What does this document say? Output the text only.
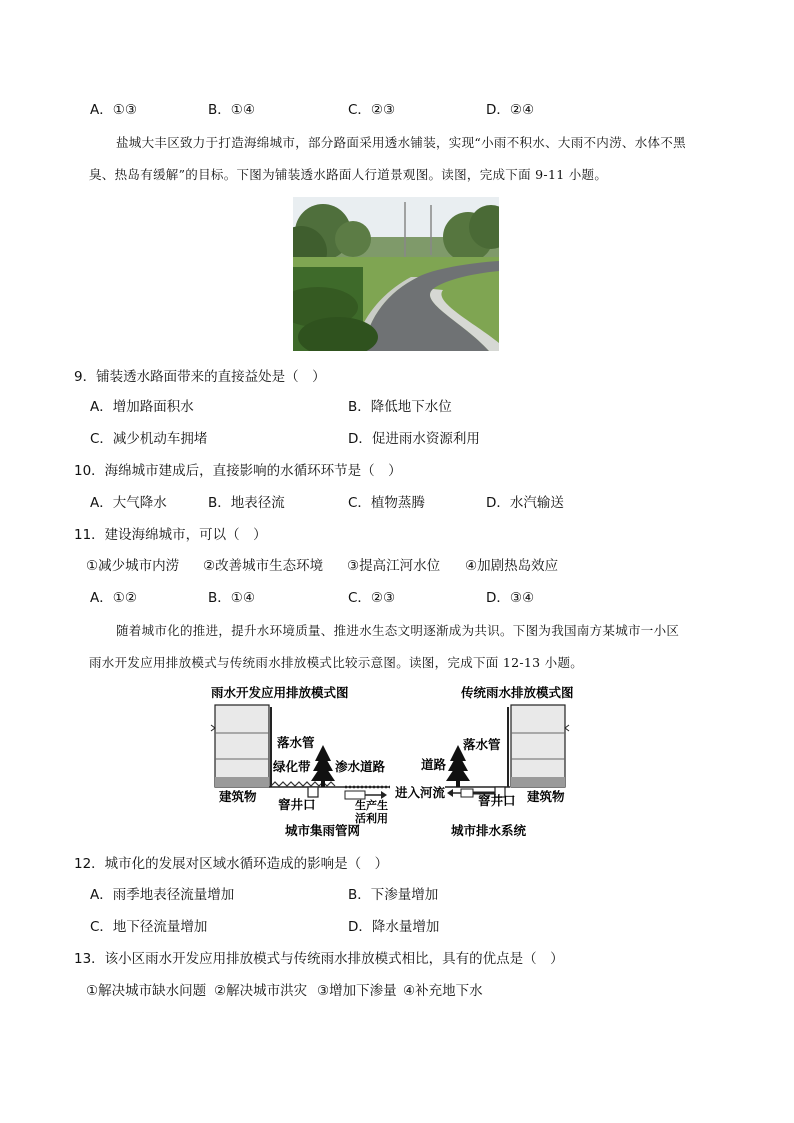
A．①③	B．①④	C．②③	D．②④
盐城大丰区致力于打造海绵城市，部分路面采用透水铺装，实现“小雨不积水、大雨不内涝、水体不黑
臭、热岛有缓解”的目标。下图为铺装透水路面人行道景观图。读图，完成下面 9-11 小题。
9．铺装透水路面带来的直接益处是（　）
A．增加路面积水	B．降低地下水位
C．减少机动车拥堵	D．促进雨水资源利用
10．海绵城市建成后，直接影响的水循环环节是（　）
A．大气降水	B．地表径流	C．植物蒸腾	D．水汽输送
11．建设海绵城市，可以（　）
①减少城市内涝 ②改善城市生态环境 ③提高江河水位 ④加剧热岛效应
A．①②	B．①④	C．②③	D．③④
随着城市化的推进，提升水环境质量、推进水生态文明逐渐成为共识。下图为我国南方某城市一小区
雨水开发应用排放模式与传统雨水排放模式比较示意图。读图，完成下面 12-13 小题。
雨水开发应用排放模式图
落水管
绿化带 渗水道路
建筑物
窨井口	生产生
活利用
城市集雨管网
传统雨水排放模式图
落水管
道路
进入河流
窨井口 建筑物
城市排水系统
12．城市化的发展对区域水循环造成的影响是（　）
A．雨季地表径流量增加	B．下渗量增加
C．地下径流量增加	D．降水量增加
13．该小区雨水开发应用排放模式与传统雨水排放模式相比，具有的优点是（　）
①解决城市缺水问题 ②解决城市洪灾 ③增加下渗量 ④补充地下水
